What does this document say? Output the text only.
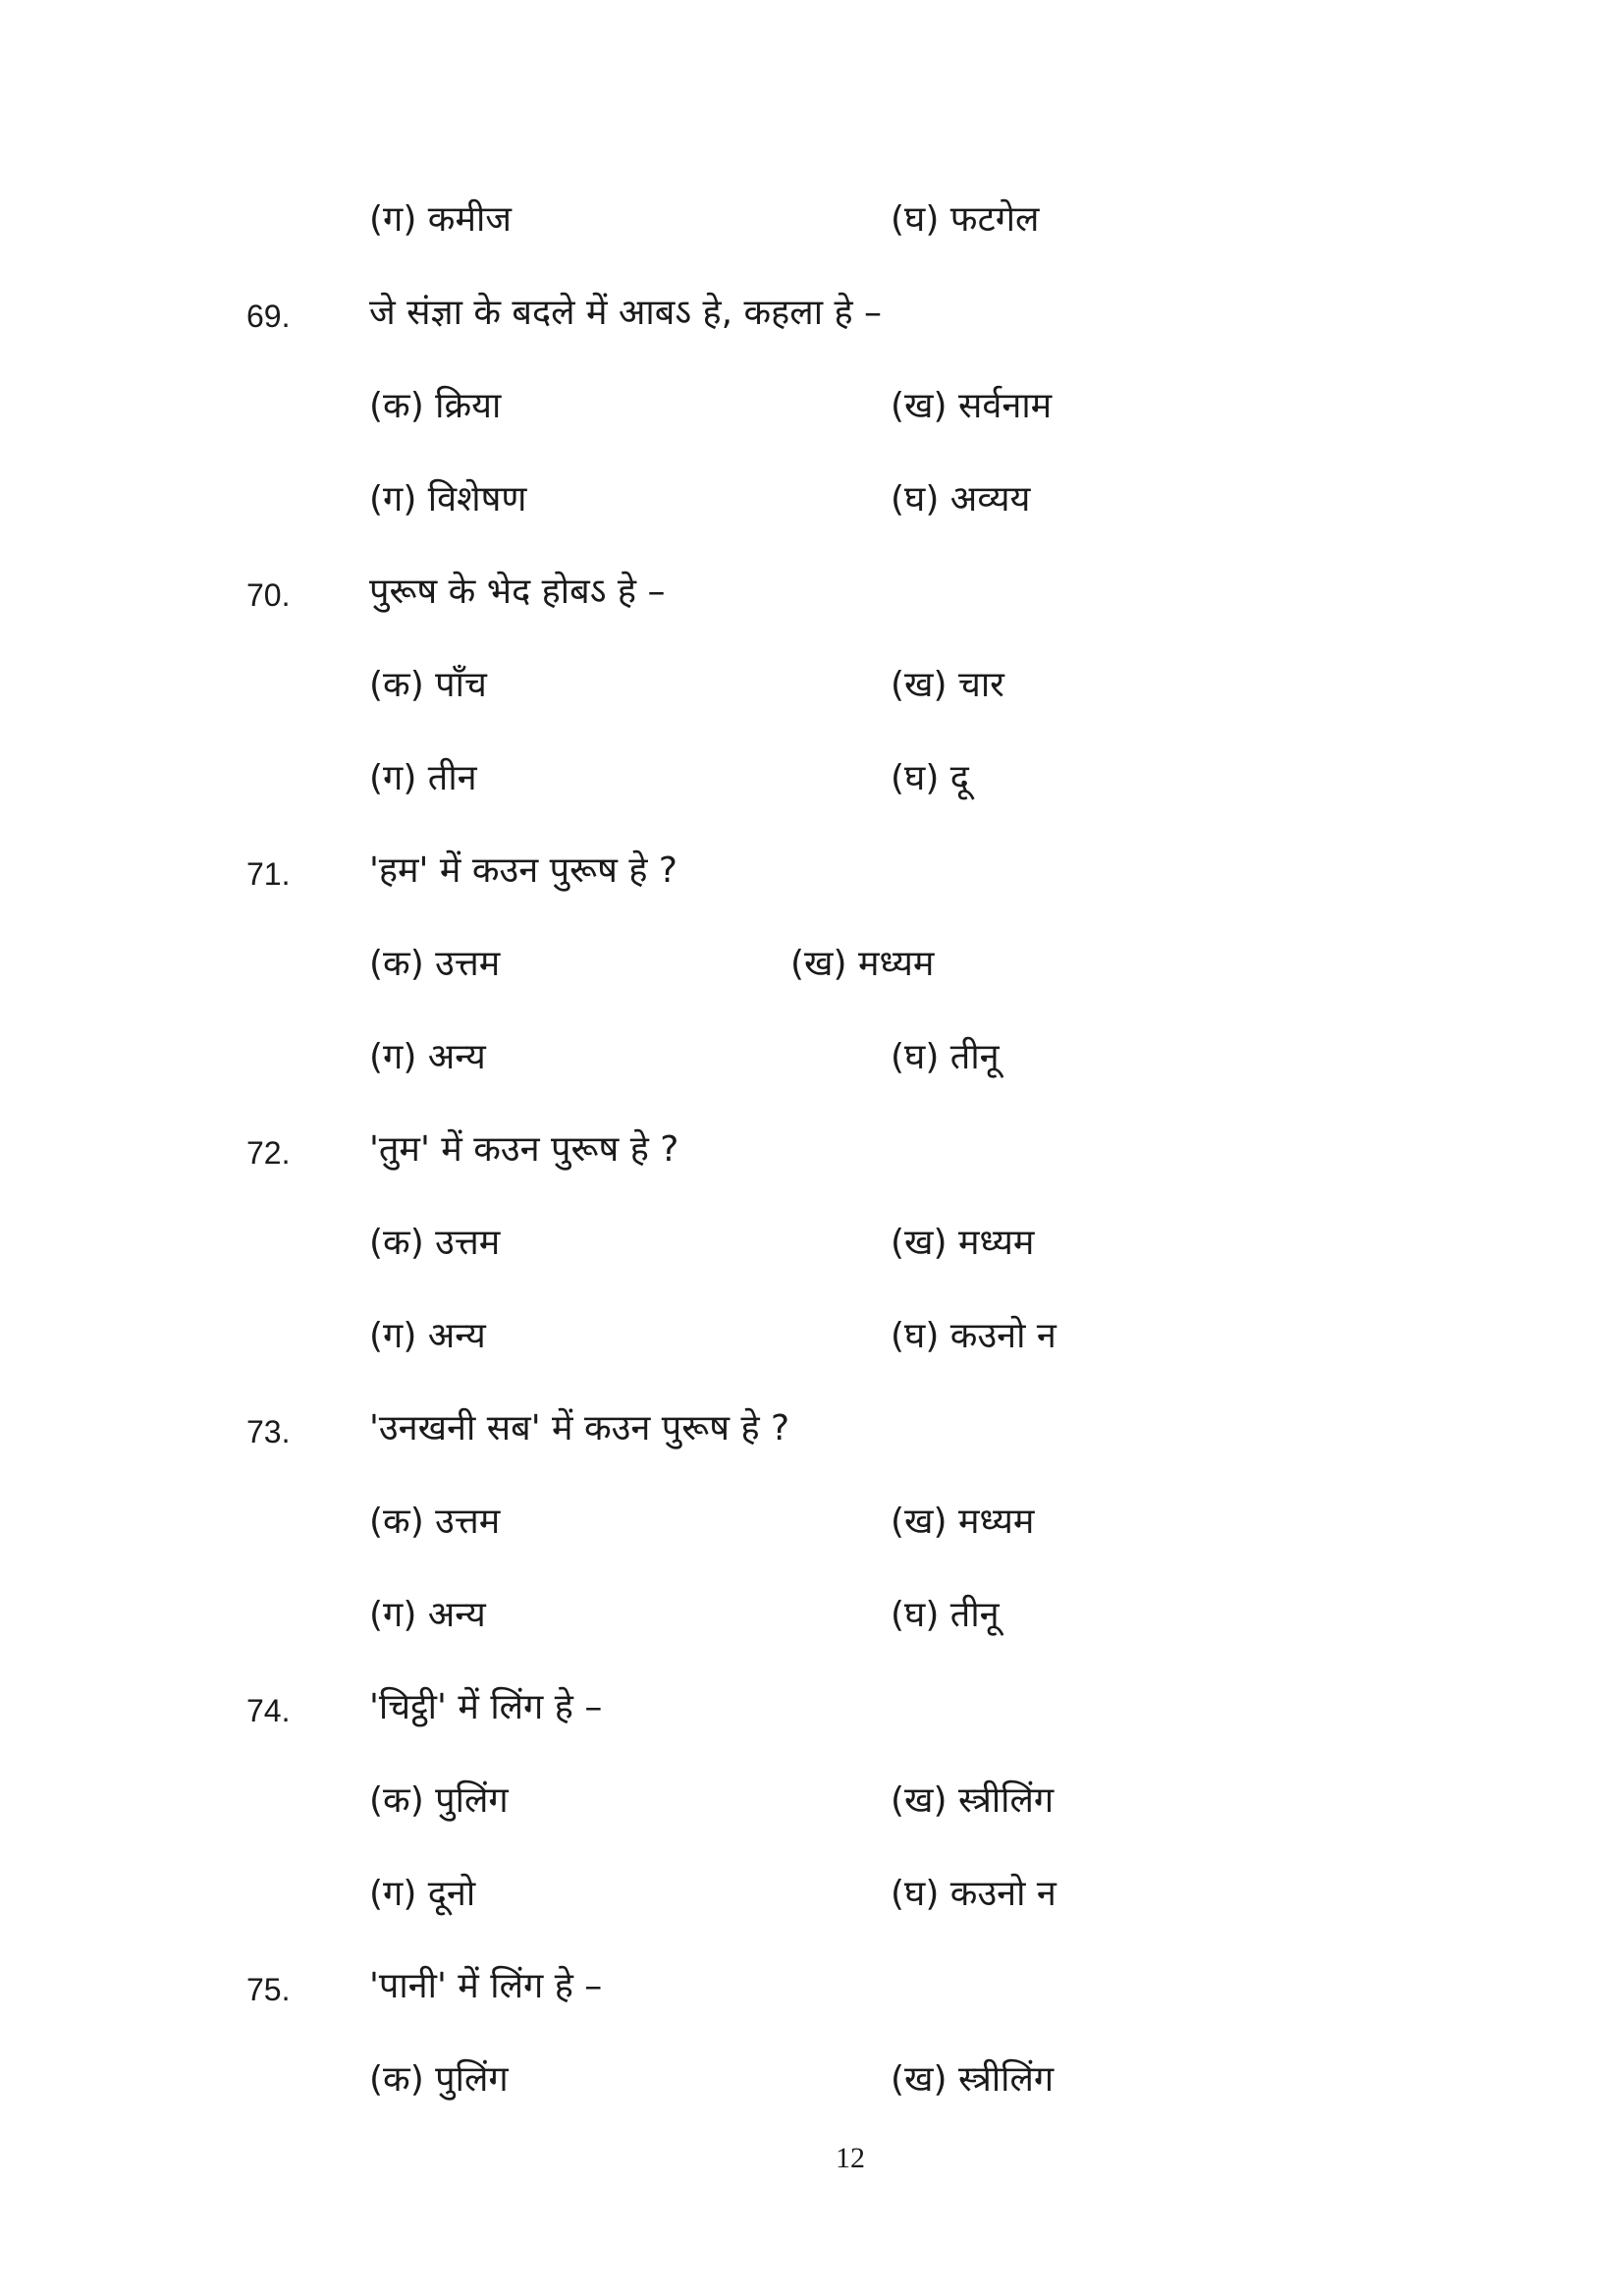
(ग) कमीज	(घ) फटगेल
69. जे संज्ञा के बदले में आबऽ हे, कहला हे –
(क) क्रिया	(ख) सर्वनाम
(ग) विशेषण	(घ) अव्यय
70. पुरूष के भेद होबऽ हे –
(क) पाँच	(ख) चार
(ग) तीन	(घ) दू
71. 'हम' में कउन पुरूष हे ?
(क) उत्तम	(ख) मध्यम
(ग) अन्य	(घ) तीनू
72. 'तुम' में कउन पुरूष हे ?
(क) उत्तम	(ख) मध्यम
(ग) अन्य	(घ) कउनो न
73. 'उनखनी सब' में कउन पुरूष हे ?
(क) उत्तम	(ख) मध्यम
(ग) अन्य	(घ) तीनू
74. 'चिट्ठी' में लिंग हे –
(क) पुलिंग	(ख) स्त्रीलिंग
(ग) दूनो	(घ) कउनो न
75. 'पानी' में लिंग हे –
(क) पुलिंग	(ख) स्त्रीलिंग
12
